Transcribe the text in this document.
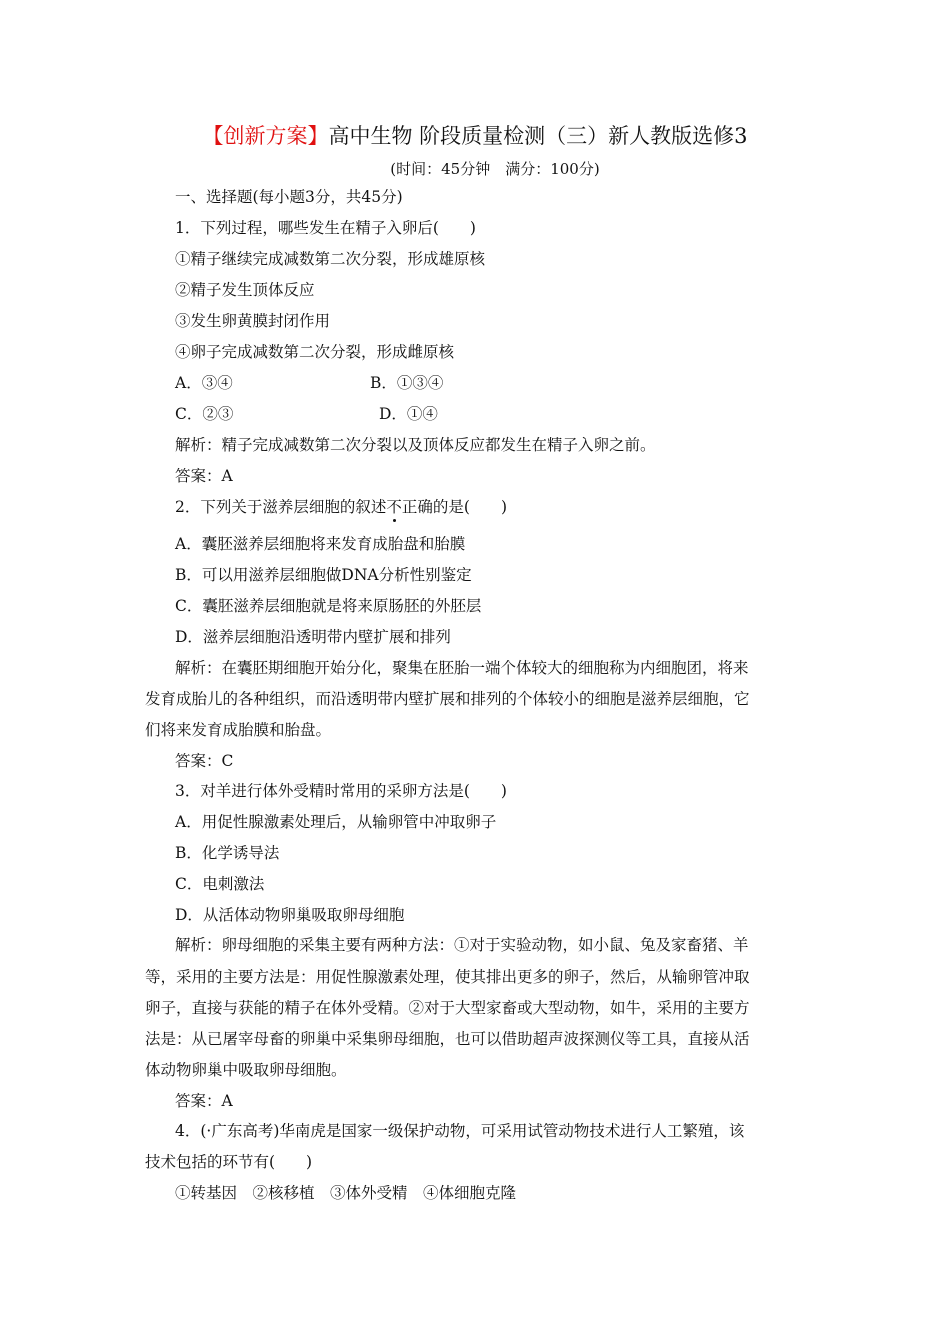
【创新方案】高中生物 阶段质量检测（三）新人教版选修3
(时间：45分钟　满分：100分)
一、选择题(每小题3分，共45分)
1．下列过程，哪些发生在精子入卵后(　　)
①精子继续完成减数第二次分裂，形成雄原核
②精子发生顶体反应
③发生卵黄膜封闭作用
④卵子完成减数第二次分裂，形成雌原核
A．③④	B．①③④
C．②③	D．①④
解析：精子完成减数第二次分裂以及顶体反应都发生在精子入卵之前。
答案：A
2．下列关于滋养层细胞的叙述不正确的是(　　)
A．囊胚滋养层细胞将来发育成胎盘和胎膜
B．可以用滋养层细胞做DNA分析性别鉴定
C．囊胚滋养层细胞就是将来原肠胚的外胚层
D．滋养层细胞沿透明带内壁扩展和排列
解析：在囊胚期细胞开始分化，聚集在胚胎一端个体较大的细胞称为内细胞团，将来
发育成胎儿的各种组织，而沿透明带内壁扩展和排列的个体较小的细胞是滋养层细胞，它
们将来发育成胎膜和胎盘。
答案：C
3．对羊进行体外受精时常用的采卵方法是(　　)
A．用促性腺激素处理后，从输卵管中冲取卵子
B．化学诱导法
C．电刺激法
D．从活体动物卵巢吸取卵母细胞
解析：卵母细胞的采集主要有两种方法：①对于实验动物，如小鼠、兔及家畜猪、羊
等，采用的主要方法是：用促性腺激素处理，使其排出更多的卵子，然后，从输卵管冲取
卵子，直接与获能的精子在体外受精。②对于大型家畜或大型动物，如牛，采用的主要方
法是：从已屠宰母畜的卵巢中采集卵母细胞，也可以借助超声波探测仪等工具，直接从活
体动物卵巢中吸取卵母细胞。
答案：A
4．(·广东高考)华南虎是国家一级保护动物，可采用试管动物技术进行人工繁殖，该
技术包括的环节有(　　)
①转基因　②核移植　③体外受精　④体细胞克隆
